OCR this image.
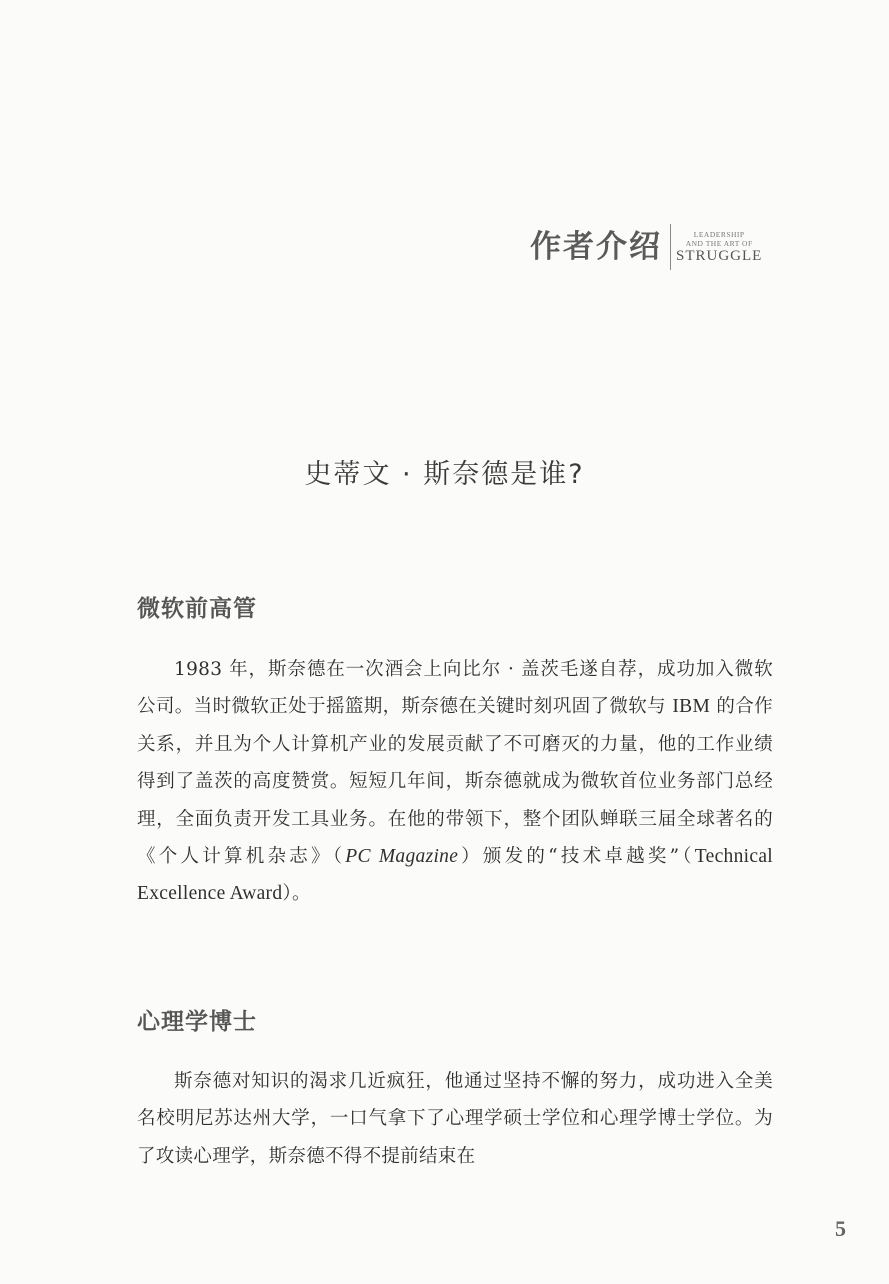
作者介绍	LEADERSHIP
AND THE ART OF
STRUGGLE
史蒂文 · 斯奈德是谁?
微软前高管

1983 年，斯奈德在一次酒会上向比尔 · 盖茨毛遂自荐，成功加入微软公司。当时微软正处于摇篮期，斯奈德在关键时刻巩固了微软与 IBM 的合作关系，并且为个人计算机产业的发展贡献了不可磨灭的力量，他的工作业绩得到了盖茨的高度赞赏。短短几年间，斯奈德就成为微软首位业务部门总经理，全面负责开发工具业务。在他的带领下，整个团队蝉联三届全球著名的《个人计算机杂志》（PC Magazine）颁发的“技术卓越奖”（Technical Excellence Award）。

心理学博士

斯奈德对知识的渴求几近疯狂，他通过坚持不懈的努力，成功进入全美名校明尼苏达州大学，一口气拿下了心理学硕士学位和心理学博士学位。为了攻读心理学，斯奈德不得不提前结束在

5
